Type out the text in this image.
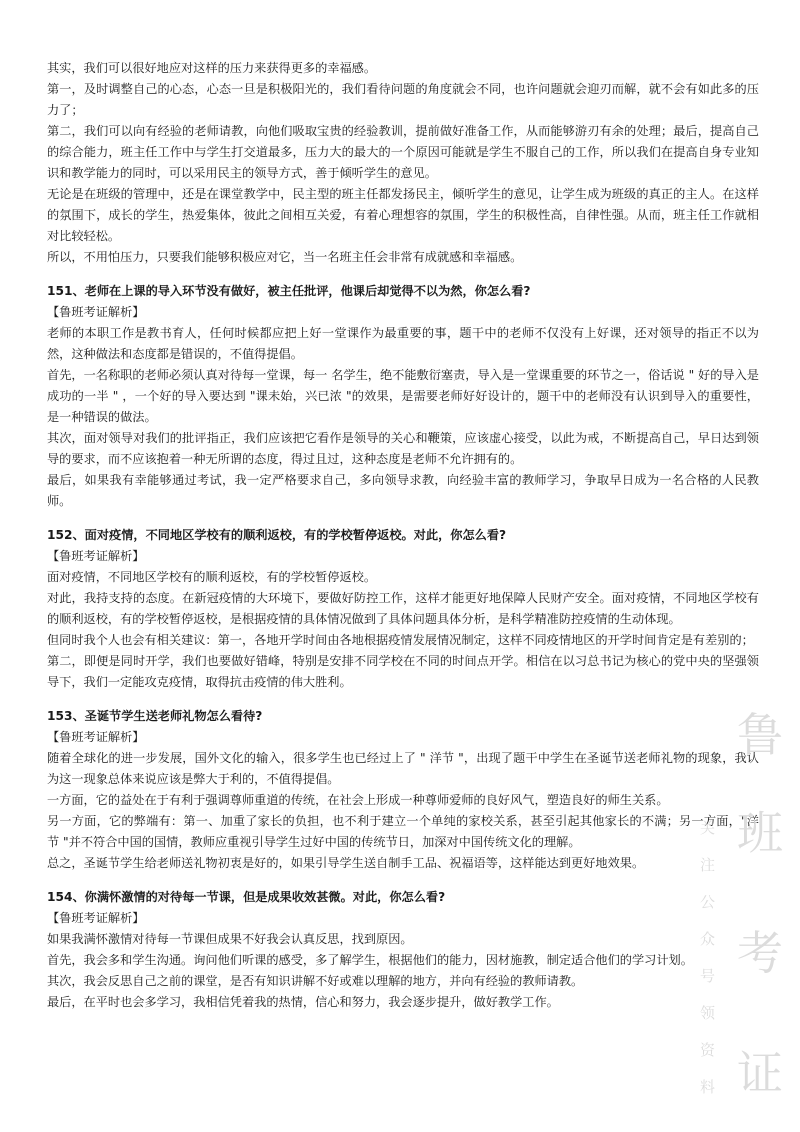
其实，我们可以很好地应对这样的压力来获得更多的幸福感。

第一，及时调整自己的心态，心态一旦是积极阳光的，我们看待问题的角度就会不同，也许问题就会迎刃而解，就不会有如此多的压力了；

第二，我们可以向有经验的老师请教，向他们吸取宝贵的经验教训，提前做好准备工作，从而能够游刃有余的处理；最后，提高自己的综合能力，班主任工作中与学生打交道最多，压力大的最大的一个原因可能就是学生不服自己的工作，所以我们在提高自身专业知识和教学能力的同时，可以采用民主的领导方式，善于倾听学生的意见。

无论是在班级的管理中，还是在课堂教学中，民主型的班主任都发扬民主，倾听学生的意见，让学生成为班级的真正的主人。在这样的氛围下，成长的学生，热爱集体，彼此之间相互关爱，有着心理想容的氛围，学生的积极性高，自律性强。从而，班主任工作就相对比较轻松。

所以，不用怕压力，只要我们能够积极应对它，当一名班主任会非常有成就感和幸福感。

151、老师在上课的导入环节没有做好，被主任批评，他课后却觉得不以为然，你怎么看?

【鲁班考证解析】

老师的本职工作是教书育人，任何时候都应把上好一堂课作为最重要的事，题干中的老师不仅没有上好课，还对领导的指正不以为然，这种做法和态度都是错误的，不值得提倡。

首先，一名称职的老师必须认真对待每一堂课，每一 名学生，绝不能敷衍塞责，导入是一堂课重要的环节之一，俗话说 " 好的导入是成功的一半 " ，一个好的导入要达到 "课未始，兴已浓 "的效果，是需要老师好好设计的，题干中的老师没有认识到导入的重要性，是一种错误的做法。

其次，面对领导对我们的批评指正，我们应该把它看作是领导的关心和鞭策，应该虚心接受，以此为戒，不断提高自己，早日达到领导的要求，而不应该抱着一种无所谓的态度，得过且过，这种态度是老师不允许拥有的。

最后，如果我有幸能够通过考试，我一定严格要求自己，多向领导求教，向经验丰富的教师学习，争取早日成为一名合格的人民教师。

152、面对疫情，不同地区学校有的顺利返校，有的学校暂停返校。对此，你怎么看?

【鲁班考证解析】

面对疫情，不同地区学校有的顺利返校，有的学校暂停返校。

对此，我持支持的态度。在新冠疫情的大环境下，要做好防控工作，这样才能更好地保障人民财产安全。面对疫情，不同地区学校有的顺利返校，有的学校暂停返校，是根据疫情的具体情况做到了具体问题具体分析，是科学精准防控疫情的生动体现。

但同时我个人也会有相关建议：第一，各地开学时间由各地根据疫情发展情况制定，这样不同疫情地区的开学时间肯定是有差别的；

第二，即便是同时开学，我们也要做好错峰，特别是安排不同学校在不同的时间点开学。相信在以习总书记为核心的党中央的坚强领导下，我们一定能攻克疫情，取得抗击疫情的伟大胜利。

153、圣诞节学生送老师礼物怎么看待?

【鲁班考证解析】

随着全球化的进一步发展，国外文化的输入，很多学生也已经过上了 " 洋节 "，出现了题干中学生在圣诞节送老师礼物的现象，我认为这一现象总体来说应该是弊大于利的，不值得提倡。

一方面，它的益处在于有利于强调尊师重道的传统，在社会上形成一种尊师爱师的良好风气，塑造良好的师生关系。

另一方面，它的弊端有：第一、加重了家长的负担，也不利于建立一个单纯的家校关系，甚至引起其他家长的不满；另一方面，"洋节 "并不符合中国的国情，教师应重视引导学生过好中国的传统节日，加深对中国传统文化的理解。

总之，圣诞节学生给老师送礼物初衷是好的，如果引导学生送自制手工品、祝福语等，这样能达到更好地效果。

154、你满怀激情的对待每一节课，但是成果收效甚微。对此，你怎么看?

【鲁班考证解析】

如果我满怀激情对待每一节课但成果不好我会认真反思，找到原因。

首先，我会多和学生沟通。询问他们听课的感受，多了解学生，根据他们的能力，因材施教，制定适合他们的学习计划。

其次，我会反思自己之前的课堂，是否有知识讲解不好或难以理解的地方，并向有经验的教师请教。

最后，在平时也会多学习，我相信凭着我的热情，信心和努力，我会逐步提升，做好教学工作。

鲁
班
考
证
关注公众号领资料
